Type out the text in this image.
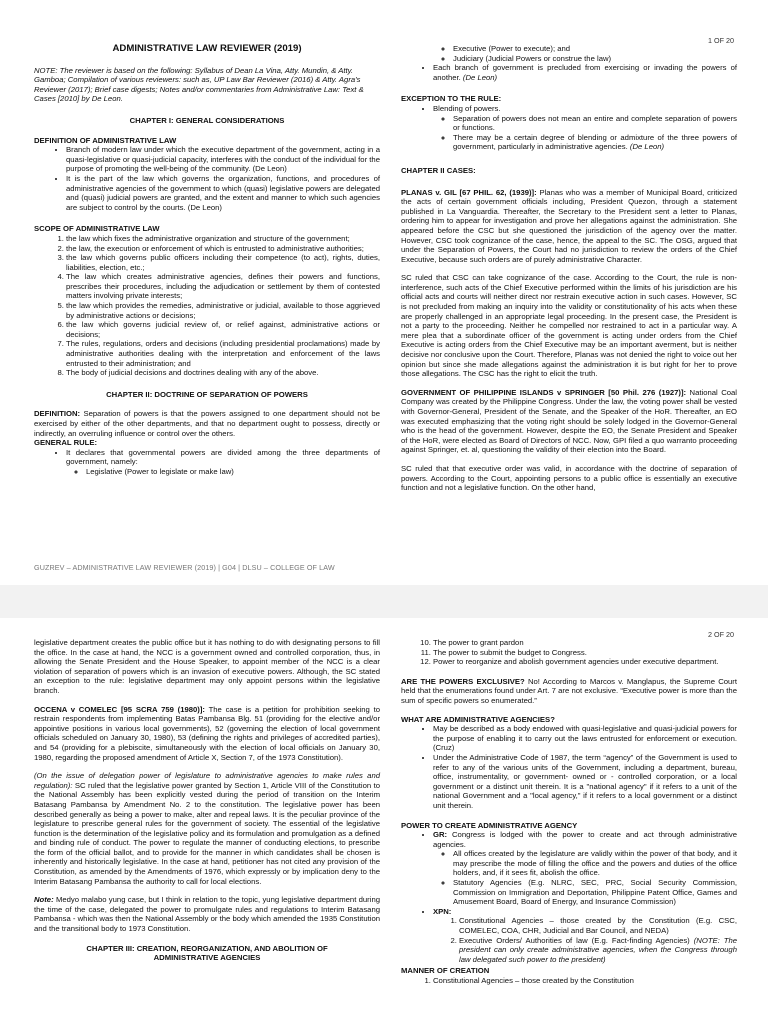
1 OF 20
ADMINISTRATIVE LAW REVIEWER (2019)
NOTE: The reviewer is based on the following: Syllabus of Dean La Vina, Atty. Mundin, & Atty. Gamboa; Compilation of various reviewers: such as, UP Law Bar Reviewer (2016) & Atty. Agra's Reviewer (2017); Brief case digests; Notes and/or commentaries from Administrative Law: Text & Cases [2010] by De Leon.
CHAPTER I: GENERAL CONSIDERATIONS
DEFINITION OF ADMINISTRATIVE LAW
• Branch of modern law under which the executive department of the government, acting in a quasi-legislative or quasi-judicial capacity, interferes with the conduct of the individual for the purpose of promoting the well-being of the community. (De Leon)
• It is the part of the law which governs the organization, functions, and procedures of administrative agencies of the government to which (quasi) legislative powers are delegated and (quasi) judicial powers are granted, and the extent and manner to which such agencies are subject to control by the courts. (De Leon)
SCOPE OF ADMINISTRATIVE LAW
1. the law which fixes the administrative organization and structure of the government;
2. the law, the execution or enforcement of which is entrusted to administrative authorities;
3. the law which governs public officers including their competence (to act), rights, duties, liabilities, election, etc.;
4. The law which creates administrative agencies, defines their powers and functions, prescribes their procedures, including the adjudication or settlement by them of contested matters involving private interests;
5. the law which provides the remedies, administrative or judicial, available to those aggrieved by administrative actions or decisions;
6. the law which governs judicial review of, or relief against, administrative actions or decisions;
7. The rules, regulations, orders and decisions (including presidential proclamations) made by administrative authorities dealing with the interpretation and enforcement of the laws entrusted to their administration; and
8. The body of judicial decisions and doctrines dealing with any of the above.
CHAPTER II: DOCTRINE OF SEPARATION OF POWERS

DEFINITION: Separation of powers is that the powers assigned to one department should not be exercised by either of the other departments, and that no department ought to possess, directly or indirectly, an overruling influence or control over the others.

GENERAL RULE:
• It declares that governmental powers are divided among the three departments of government, namely:
◦ Legislative (Power to legislate or make law)
◦ Executive (Power to execute); and
◦ Judiciary (Judicial Powers or construe the law)
• Each branch of government is precluded from exercising or invading the powers of another. (De Leon)
EXCEPTION TO THE RULE:
• Blending of powers.
◦ Separation of powers does not mean an entire and complete separation of powers or functions.
◦ There may be a certain degree of blending or admixture of the three powers of government, particularly in administrative agencies. (De Leon)
CHAPTER II CASES:

PLANAS v. GIL [67 PHIL. 62, (1939)]: Planas who was a member of Municipal Board, criticized the acts of certain government officials including, President Quezon, through a statement published in La Vanguardia. Thereafter, the Secretary to the President sent a letter to Planas, ordering him to appear for investigation and prove her allegations against the administration. She appeared before the CSC but she questioned the jurisdiction of the agency over the matter. However, CSC took cognizance of the case, hence, the appeal to the SC. The OSG, argued that under the Separation of Powers, the Court had no jurisdiction to review the orders of the Chief Executive, because such orders are of purely administrative Character.

SC ruled that CSC can take cognizance of the case. According to the Court, the rule is non-interference, such acts of the Chief Executive performed within the limits of his jurisdiction are his official acts and courts will neither direct nor restrain executive action in such cases. However, SC is not precluded from making an inquiry into the validity or constitutionality of his acts when these are properly challenged in an appropriate legal proceeding. In the present case, the President is not a party to the proceeding. Neither he compelled nor restrained to act in a particular way. A mere plea that a subordinate officer of the government is acting under orders from the Chief Executive is acting orders from the Chief Executive may be an important averment, but is neither decisive nor conclusive upon the Court. Therefore, Planas was not denied the right to voice out her opinion but since she made allegations against the administration it is but right for her to prove those allegations. The CSC has the right to elicit the truth.

GOVERNMENT OF PHILIPPINE ISLANDS v SPRINGER [50 Phil. 276 (1927)]: National Coal Company was created by the Philippine Congress. Under the law, the voting power shall be vested with Governor-General, President of the Senate, and the Speaker of the HoR. Thereafter, an EO was executed emphasizing that the voting right should be solely lodged in the Governor-General who is the head of the government. However, despite the EO, the Senate President and Speaker of the HoR, were elected as Board of Directors of NCC. Now, GPI filed a quo warranto proceeding against Springer, et. al, questioning the validity of their election into the Board.

SC ruled that that executive order was valid, in accordance with the doctrine of separation of powers. According to the Court, appointing persons to a public office is essentially an executive function and not a legislative function. On the other hand,

GUZREV – ADMINISTRATIVE LAW REVIEWER (2019) | G04 | DLSU – COLLEGE OF LAW
2 OF 20

legislative department creates the public office but it has nothing to do with designating persons to fill the office. In the case at hand, the NCC is a government owned and controlled corporation, thus, in allowing the Senate President and the House Speaker, to appoint member of the NCC is a clear violation of separation of powers which is an invasion of executive powers. Although, the SC stated an exception to the rule: legislative department may only appoint persons within the legislative branch.

OCCENA v COMELEC [95 SCRA 759 (1980)]: The case is a petition for prohibition seeking to restrain respondents from implementing Batas Pambansa Blg. 51 (providing for the elective and/or appointive positions in various local governments), 52 (governing the election of local government officials scheduled on January 30, 1980), 53 (defining the rights and privileges of accredited parties), and 54 (providing for a plebiscite, simultaneously with the election of local officials on January 30, 1980, regarding the proposed amendment of Article X, Section 7, of the 1973 Constitution).

(On the issue of delegation power of legislature to administrative agencies to make rules and regulation): SC ruled that the legislative power granted by Section 1, Article VIII of the Constitution to the National Assembly has been explicitly vested during the period of transition on the Interim Batasang Pambansa by Amendment No. 2 to the constitution. The legislative power has been described generally as being a power to make, alter and repeal laws. It is the peculiar province of the legislature to prescribe general rules for the government of society. The essential of the legislative function is the determination of the legislative policy and its formulation and promulgation as a defined and binding rule of conduct. The power to regulate the manner of conducting elections, to prescribe the form of the official ballot, and to provide for the manner in which candidates shall be chosen is inherently and historically legislative. In the case at hand, petitioner has not cited any provision of the Constitution, as amended by the Amendments of 1976, which expressly or by implication deny to the Interim Batasang Pambansa the authority to call for local elections.

Note: Medyo malabo yung case, but I think in relation to the topic, yung legislative department during the time of the case, delegated the power to promulgate rules and regulations to Interim Batasang Pambansa - which was then the National Assembly or the body which amended the 1935 Constitution and the transitional body to 1973 Constitution.

CHAPTER III: CREATION, REORGANIZATION, AND ABOLITION OF ADMINISTRATIVE AGENCIES
10. The power to grant pardon
11. The power to submit the budget to Congress.
12. Power to reorganize and abolish government agencies under executive department.

ARE THE POWERS EXCLUSIVE? No! According to Marcos v. Manglapus, the Supreme Court held that the enumerations found under Art. 7 are not exclusive. “Executive power is more than the sum of specific powers so enumerated.”

WHAT ARE ADMINISTRATIVE AGENCIES?
• May be described as a body endowed with quasi-legislative and quasi-judicial powers for the purpose of enabling it to carry out the laws entrusted for enforcement or execution. (Cruz)
• Under the Administrative Code of 1987, the term “agency” of the Government is used to refer to any of the various units of the Government, including a department, bureau, office, instrumentality, or government- owned or - controlled corporation, or a local government or a distinct unit therein. It is a "national agency" if it refers to a unit of the national Government and a "local agency," if it refers to a local government or a distinct unit therein.
POWER TO CREATE ADMINISTRATIVE AGENCY
• GR: Congress is lodged with the power to create and act through administrative agencies.
◦ All offices created by the legislature are validly within the power of that body, and it may prescribe the mode of filling the office and the powers and duties of the office holders, and, if it sees fit, abolish the office.
◦ Statutory Agencies (E.g. NLRC, SEC, PRC, Social Security Commission, Commission on Immigration and Deportation, Philippine Patent Office, Games and Amusement Board, Board of Energy, and Insurance Commission)
• XPN:
1. Constitutional Agencies – those created by the Constitution (E.g. CSC, COMELEC, COA, CHR, Judicial and Bar Council, and NEDA)
2. Executive Orders/ Authorities of law (E.g. Fact-finding Agencies) (NOTE: The president can only create administrative agencies, when the Congress through law delegated such power to the president)
MANNER OF CREATION
1. Constitutional Agencies – those created by the Constitution
